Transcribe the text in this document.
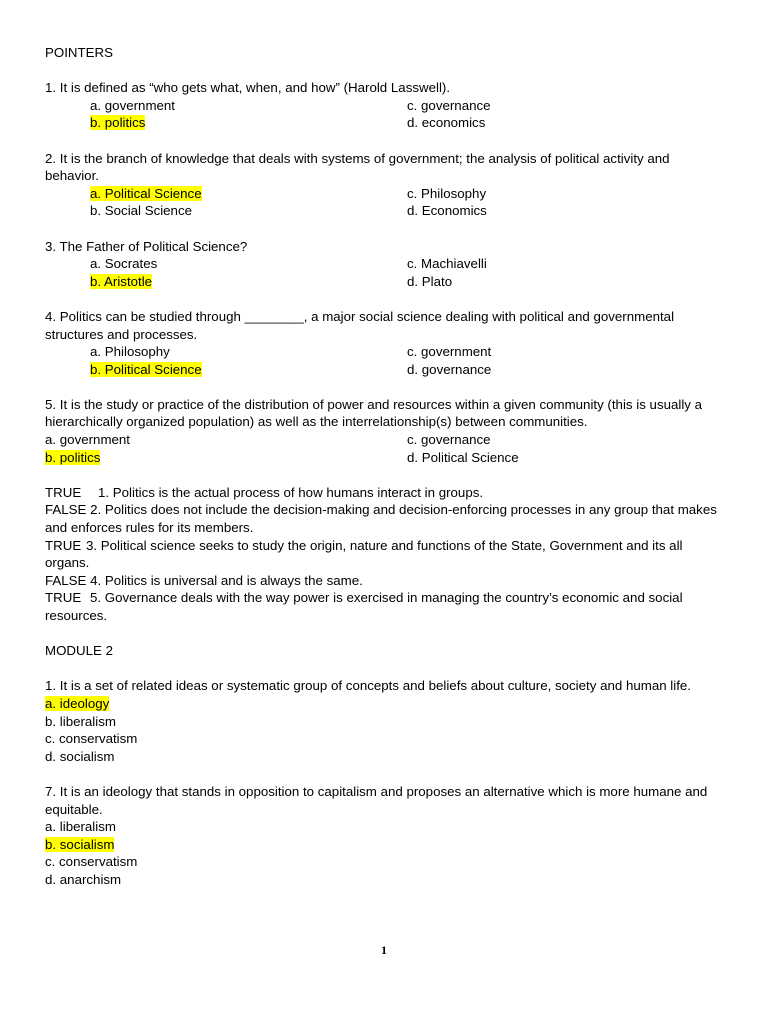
POINTERS
1. It is defined as “who gets what, when, and how” (Harold Lasswell).
a. government	c. governance
b. politics	d. economics
2. It is the branch of knowledge that deals with systems of government; the analysis of political activity and behavior.
a. Political Science	c. Philosophy
b. Social Science	d. Economics
3. The Father of Political Science?
a. Socrates	c. Machiavelli
b. Aristotle	d. Plato
4. Politics can be studied through ________, a major social science dealing with political and governmental structures and processes.
a. Philosophy	c. government
b. Political Science	d. governance
5. It is the study or practice of the distribution of power and resources within a given community (this is usually a hierarchically organized population) as well as the interrelationship(s) between communities.
a. government	c. governance
b. politics	d. Political Science
TRUE 1. Politics is the actual process of how humans interact in groups.
FALSE 2. Politics does not include the decision-making and decision-enforcing processes in any group that makes and enforces rules for its members.
TRUE 3. Political science seeks to study the origin, nature and functions of the State, Government and its all organs.
FALSE 4. Politics is universal and is always the same.
TRUE 5. Governance deals with the way power is exercised in managing the country’s economic and social resources.
MODULE 2
1. It is a set of related ideas or systematic group of concepts and beliefs about culture, society and human life.
a. ideology
b. liberalism
c. conservatism
d. socialism
7. It is an ideology that stands in opposition to capitalism and proposes an alternative which is more humane and equitable.
a. liberalism
b. socialism
c. conservatism
d. anarchism
1
